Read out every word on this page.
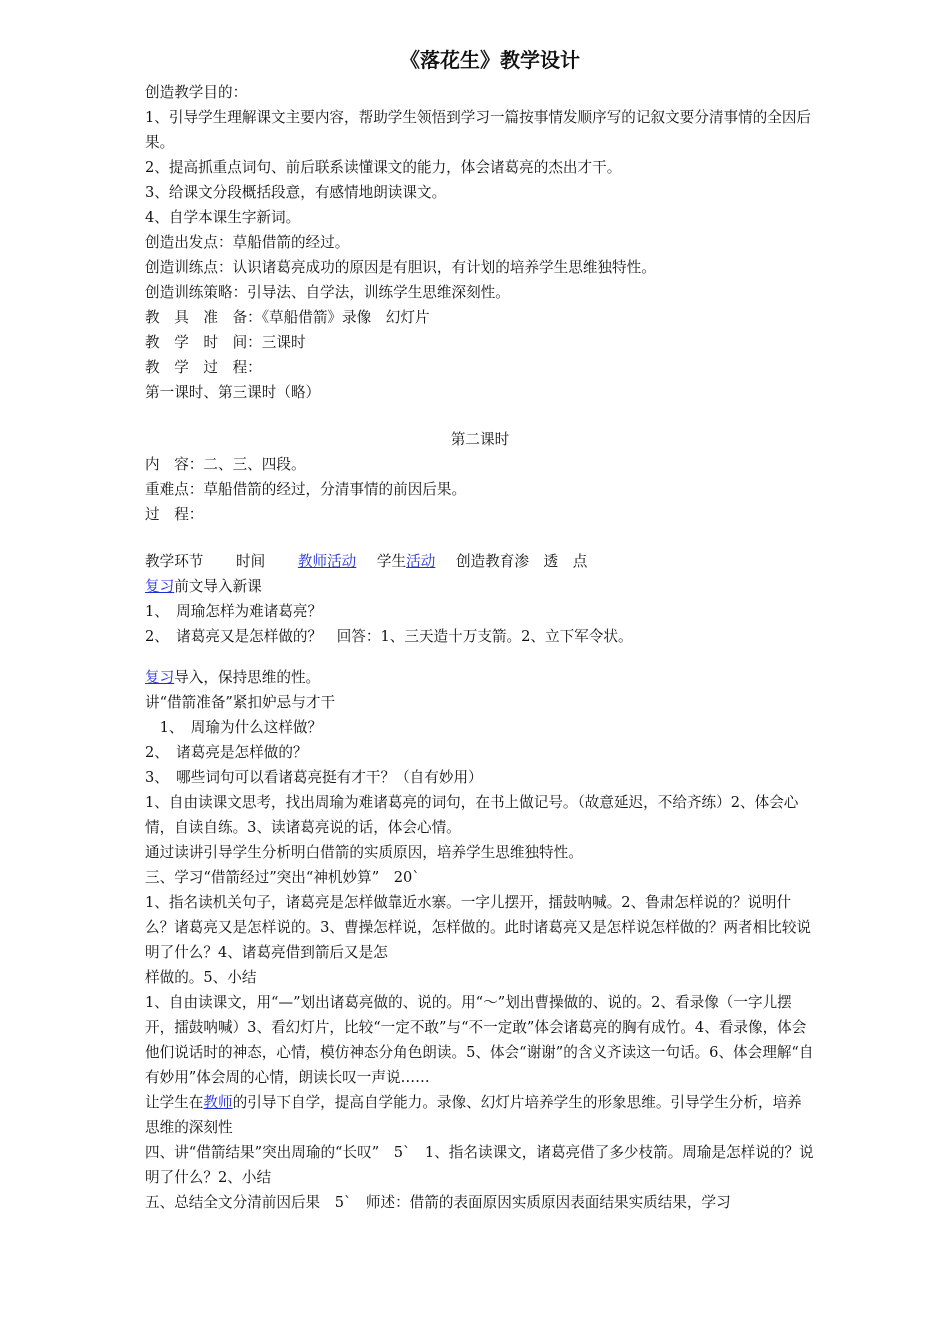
《落花生》教学设计

创造教学目的：

1、引导学生理解课文主要内容，帮助学生领悟到学习一篇按事情发顺序写的记叙文要分清事情的全因后果。

2、提高抓重点词句、前后联系读懂课文的能力，体会诸葛亮的杰出才干。

3、给课文分段概括段意，有感情地朗读课文。

4、自学本课生字新词。

创造出发点：草船借箭的经过。

创造训练点：认识诸葛亮成功的原因是有胆识，有计划的培养学生思维独特性。

创造训练策略：引导法、自学法，训练学生思维深刻性。

教　具　准　备：《草船借箭》录像　幻灯片

教　学　时　间：三课时

教　学　过　程：

第一课时、第三课时（略）

第二课时

内　容：二、三、四段。

重难点：草船借箭的经过，分清事情的前因后果。

过　程：

教学环节 时间 教师活动 学生活动 创造教育渗　透　点

复习前文导入新课

1、　周瑜怎样为难诸葛亮？

2、　诸葛亮又是怎样做的？　回答：1、三天造十万支箭。2、立下军令状。

复习导入，保持思维的性。

讲“借箭准备”紧扣妒忌与才干

　1、　周瑜为什么这样做？

2、　诸葛亮是怎样做的？

3、　哪些词句可以看诸葛亮挺有才干？（自有妙用）

1、自由读课文思考，找出周瑜为难诸葛亮的词句，在书上做记号。（故意延迟，不给齐练）2、体会心情，自读自练。3、读诸葛亮说的话，体会心情。

通过读讲引导学生分析明白借箭的实质原因，培养学生思维独特性。

三、学习“借箭经过”突出“神机妙算”　20`

1、指名读机关句子，诸葛亮是怎样做靠近水寨。一字儿摆开，擂鼓呐喊。2、鲁肃怎样说的？说明什么？诸葛亮又是怎样说的。3、曹操怎样说，怎样做的。此时诸葛亮又是怎样说怎样做的？两者相比较说明了什么？4、诸葛亮借到箭后又是怎

样做的。5、小结

1、自由读课文，用“—”划出诸葛亮做的、说的。用“～”划出曹操做的、说的。2、看录像（一字儿摆开，擂鼓呐喊）3、看幻灯片，比较“一定不敢”与“不一定敢”体会诸葛亮的胸有成竹。4、看录像，体会他们说话时的神态，心情，模仿神态分角色朗读。5、体会“谢谢”的含义齐读这一句话。6、体会理解“自有妙用”体会周的心情，朗读长叹一声说……

让学生在教师的引导下自学，提高自学能力。录像、幻灯片培养学生的形象思维。引导学生分析，培养思维的深刻性

四、讲“借箭结果”突出周瑜的“长叹”　5`　1、指名读课文，诸葛亮借了多少枝箭。周瑜是怎样说的？说明了什么？2、小结

五、总结全文分清前因后果　5`　师述：借箭的表面原因实质原因表面结果实质结果，学习
